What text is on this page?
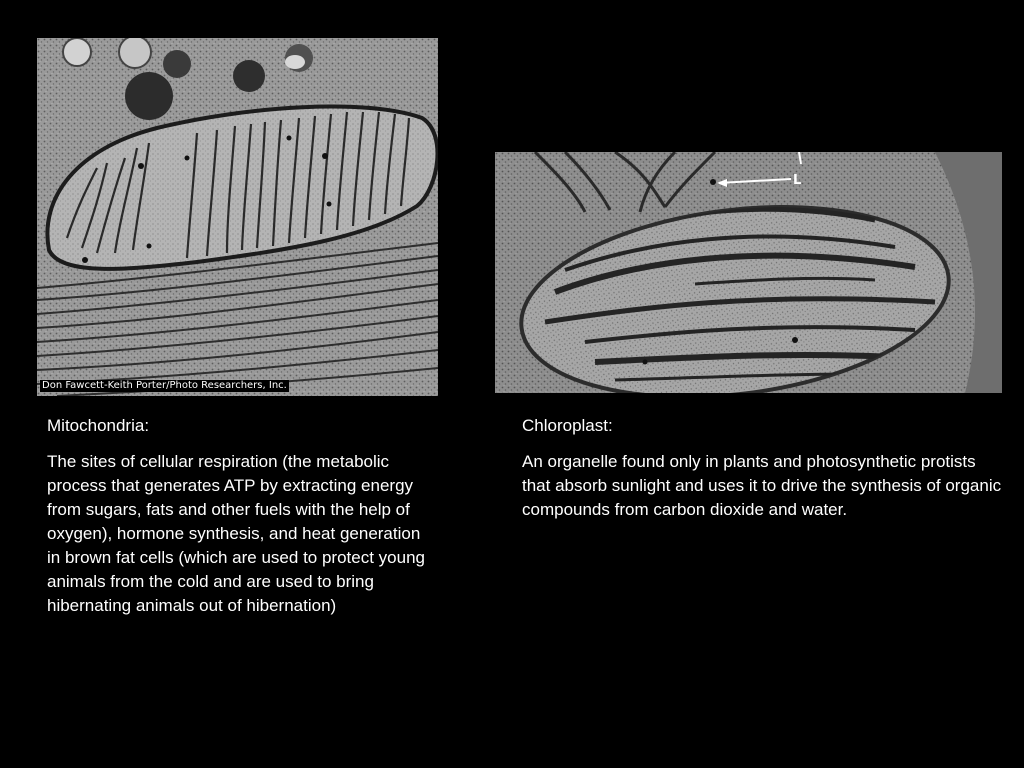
Don Fawcett-Keith Porter/Photo Researchers, Inc.
L

Mitochondria:

The sites of cellular respiration (the metabolic process that generates ATP by extracting energy from sugars, fats and other fuels with the help of oxygen), hormone synthesis, and heat generation in brown fat cells (which are used to protect young animals from the cold and are used to bring hibernating animals out of hibernation)

Chloroplast:

An organelle found only in plants and photosynthetic protists that absorb sunlight and uses it to drive the synthesis of organic compounds from carbon dioxide and water.
